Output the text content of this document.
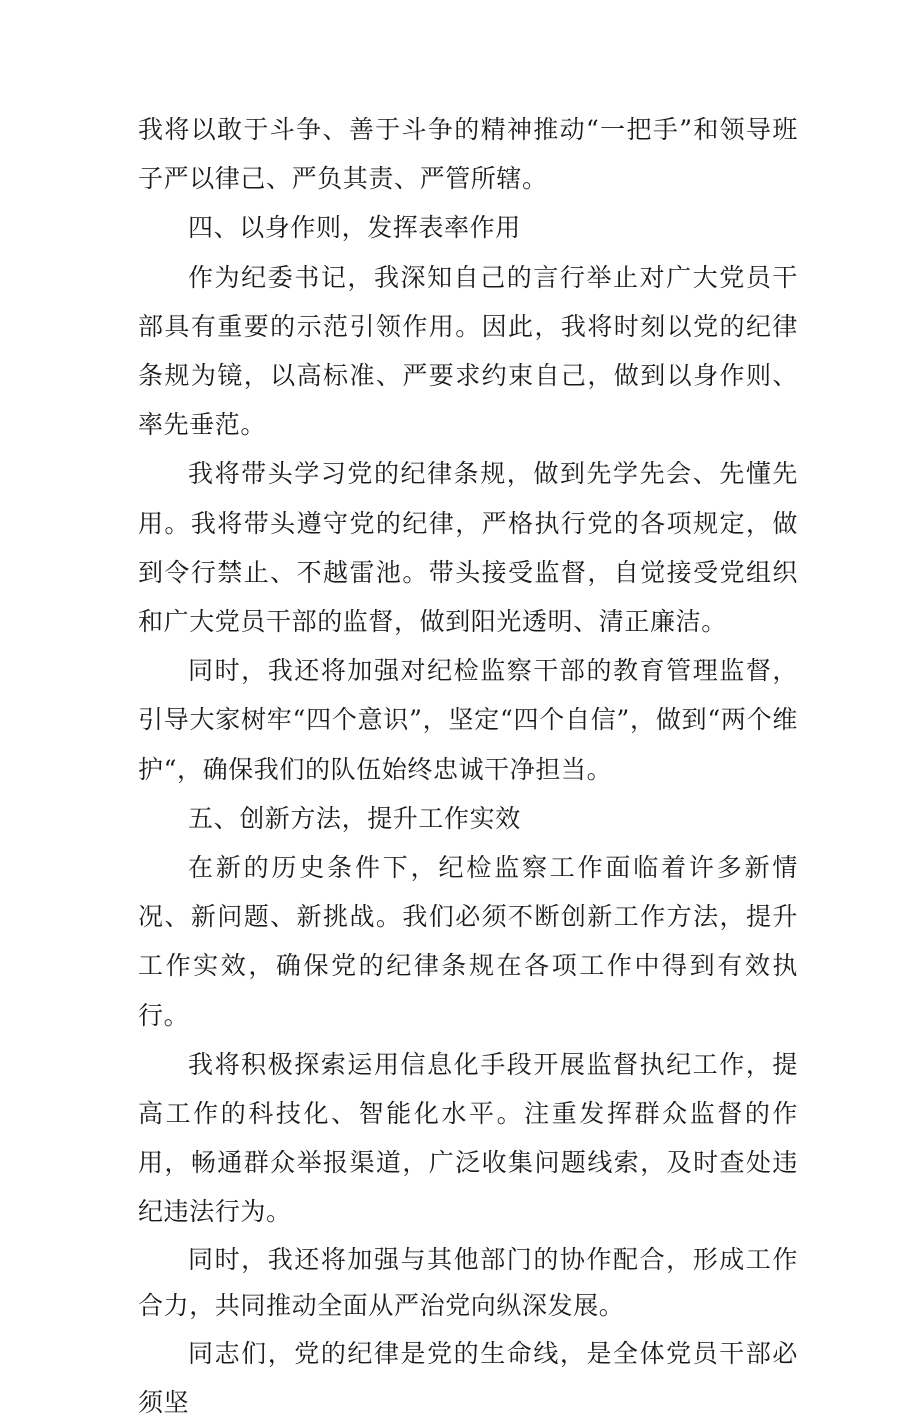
我将以敢于斗争、善于斗争的精神推动“一把手”和领导班子严以律己、严负其责、严管所辖。

四、以身作则，发挥表率作用

作为纪委书记，我深知自己的言行举止对广大党员干部具有重要的示范引领作用。因此，我将时刻以党的纪律条规为镜，以高标准、严要求约束自己，做到以身作则、率先垂范。

我将带头学习党的纪律条规，做到先学先会、先懂先用。我将带头遵守党的纪律，严格执行党的各项规定，做到令行禁止、不越雷池。带头接受监督，自觉接受党组织和广大党员干部的监督，做到阳光透明、清正廉洁。

同时，我还将加强对纪检监察干部的教育管理监督，引导大家树牢“四个意识”，坚定“四个自信”，做到“两个维护“，确保我们的队伍始终忠诚干净担当。

五、创新方法，提升工作实效

在新的历史条件下，纪检监察工作面临着许多新情况、新问题、新挑战。我们必须不断创新工作方法，提升工作实效，确保党的纪律条规在各项工作中得到有效执行。

我将积极探索运用信息化手段开展监督执纪工作，提高工作的科技化、智能化水平。注重发挥群众监督的作用，畅通群众举报渠道，广泛收集问题线索，及时查处违纪违法行为。

同时，我还将加强与其他部门的协作配合，形成工作合力，共同推动全面从严治党向纵深发展。

同志们，党的纪律是党的生命线，是全体党员干部必须坚
